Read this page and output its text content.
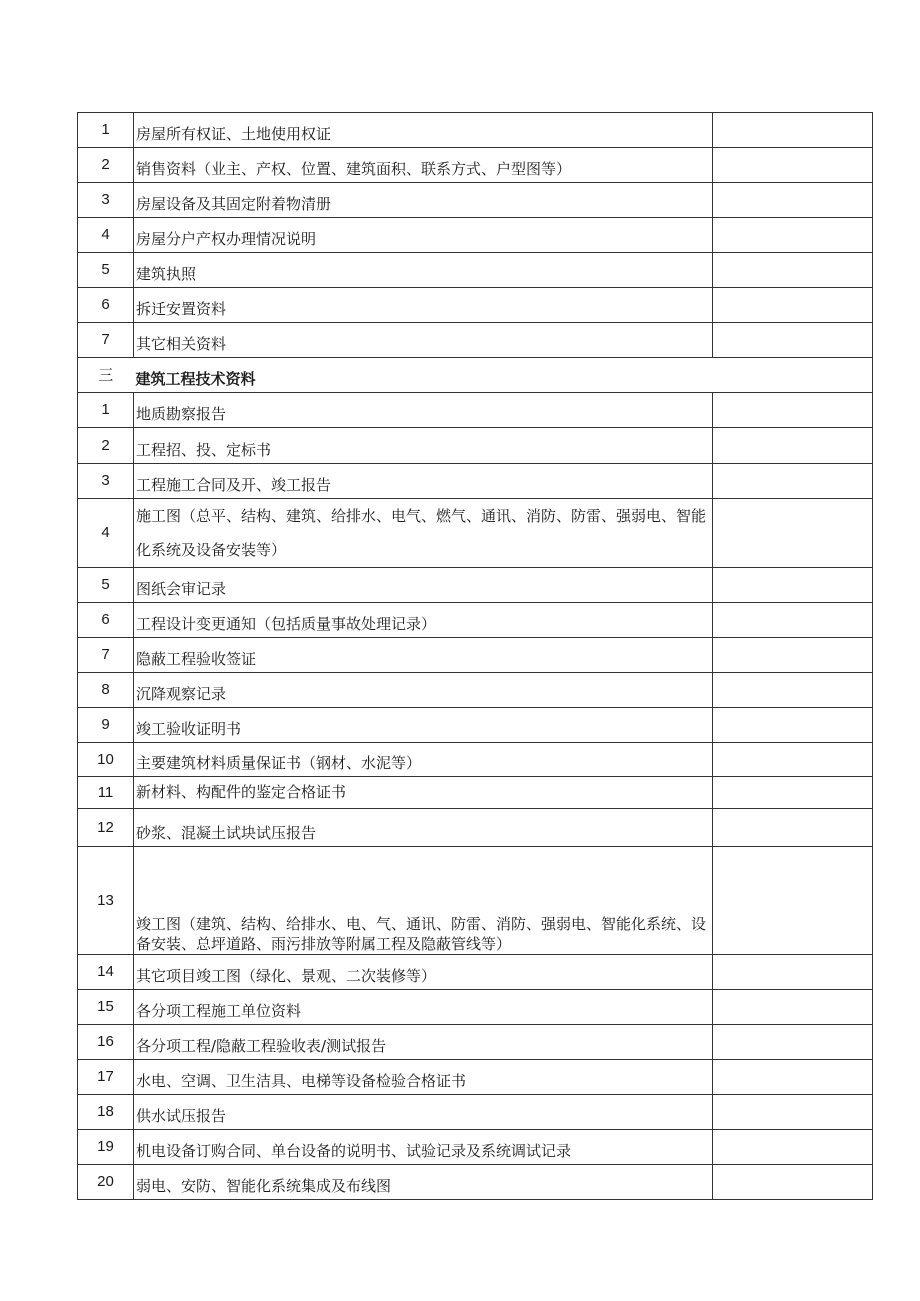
1	房屋所有权证、土地使用权证	
2	销售资料（业主、产权、位置、建筑面积、联系方式、户型图等）	
3	房屋设备及其固定附着物清册	
4	房屋分户产权办理情况说明	
5	建筑执照	
6	拆迁安置资料	
7	其它相关资料	
三	建筑工程技术资料	
1	地质勘察报告	
2	工程招、投、定标书	
3	工程施工合同及开、竣工报告	
4	施工图（总平、结构、建筑、给排水、电气、燃气、通讯、消防、防雷、强弱电、智能化系统及设备安装等）	
5	图纸会审记录	
6	工程设计变更通知（包括质量事故处理记录）	
7	隐蔽工程验收签证	
8	沉降观察记录	
9	竣工验收证明书	
10	主要建筑材料质量保证书（钢材、水泥等）	
11	新材料、构配件的鉴定合格证书	
12	砂浆、混凝土试块试压报告	
13	竣工图（建筑、结构、给排水、电、气、通讯、防雷、消防、强弱电、智能化系统、设备安装、总坪道路、雨污排放等附属工程及隐蔽管线等）	
14	其它项目竣工图（绿化、景观、二次装修等）	
15	各分项工程施工单位资料	
16	各分项工程/隐蔽工程验收表/测试报告	
17	水电、空调、卫生洁具、电梯等设备检验合格证书	
18	供水试压报告	
19	机电设备订购合同、单台设备的说明书、试验记录及系统调试记录	
20	弱电、安防、智能化系统集成及布线图	
